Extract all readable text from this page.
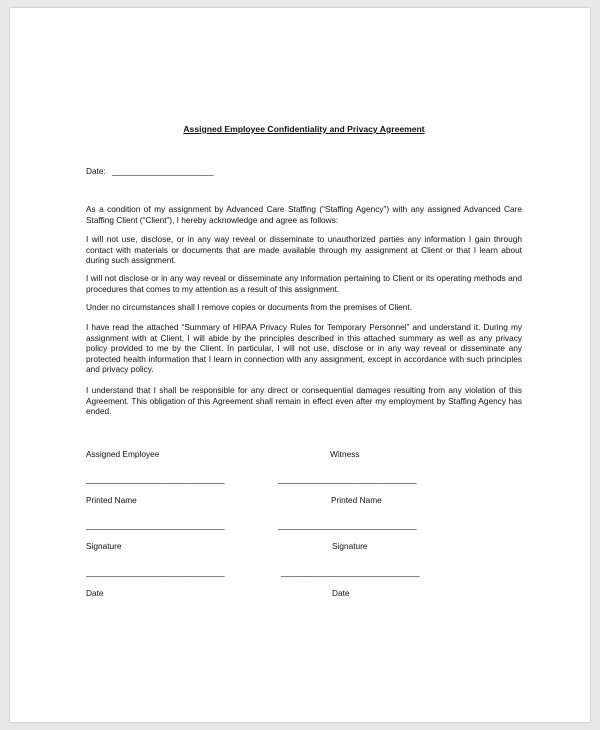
Assigned Employee Confidentiality and Privacy Agreement
Date: ______________________

As a condition of my assignment by Advanced Care Staffing (“Staffing Agency”) with any assigned Advanced Care Staffing Client (“Client”), I hereby acknowledge and agree as follows:

I will not use, disclose, or in any way reveal or disseminate to unauthorized parties any information I gain through contact with materials or documents that are made available through my assignment at Client or that I learn about during such assignment.

I will not disclose or in any way reveal or disseminate any information pertaining to Client or its operating methods and procedures that comes to my attention as a result of this assignment.

Under no circumstances shall I remove copies or documents from the premises of Client.

I have read the attached “Summary of HIPAA Privacy Rules for Temporary Personnel” and understand it. During my assignment with at Client, I will abide by the principles described in this attached summary as well as any privacy policy provided to me by the Client. In particular, I will not use, disclose or in any way reveal or disseminate any protected health information that I learn in connection with any assignment, except in accordance with such principles and privacy policy.

I understand that I shall be responsible for any direct or consequential damages resulting from any violation of this Agreement. This obligation of this Agreement shall remain in effect even after my employment by Staffing Agency has ended.

Assigned Employee	Witness
______________________________	______________________________
Printed Name	Printed Name
______________________________	______________________________
Signature	Signature
______________________________	______________________________
Date	Date
